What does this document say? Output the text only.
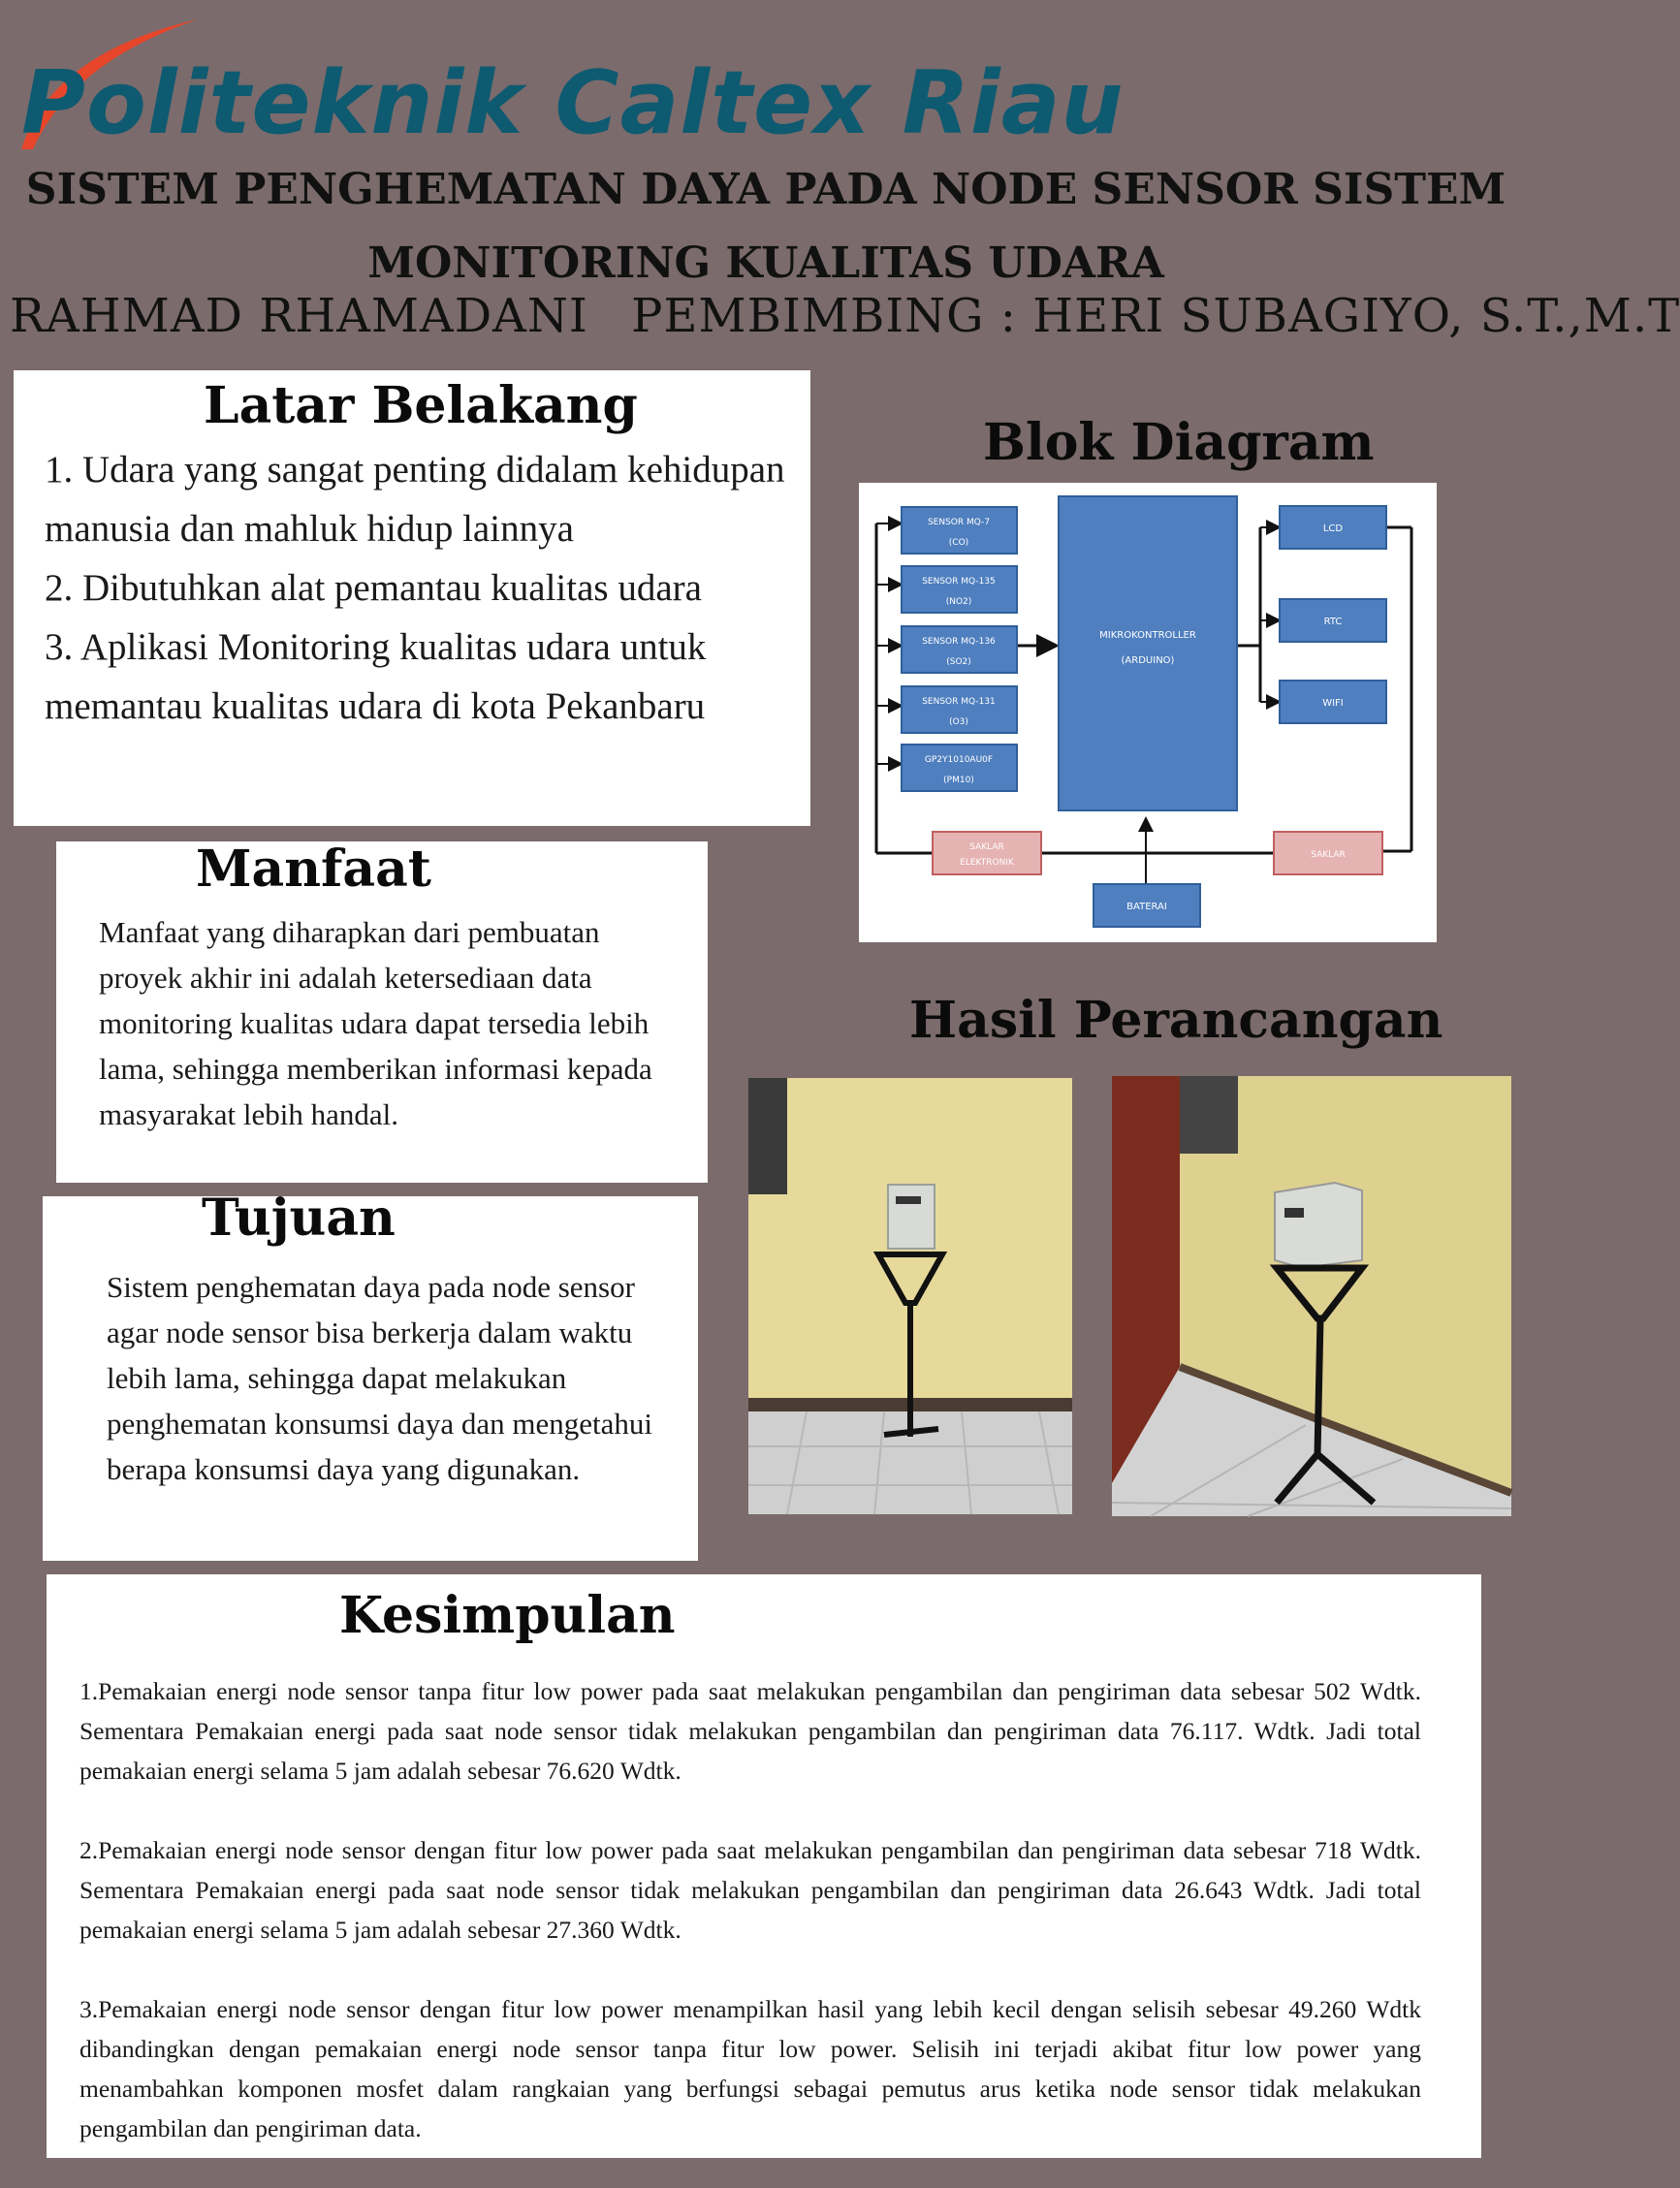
Politeknik Caltex Riau
SISTEM PENGHEMATAN DAYA PADA NODE SENSOR SISTEM MONITORING KUALITAS UDARA
RAHMAD RHAMADANI PEMBIMBING : HERI SUBAGIYO, S.T.,M.T
Latar Belakang
1. Udara yang sangat penting didalam kehidupan manusia dan mahluk hidup lainnya
2. Dibutuhkan alat pemantau kualitas udara
3. Aplikasi Monitoring kualitas udara untuk memantau kualitas udara di kota Pekanbaru
Manfaat
Manfaat yang diharapkan dari pembuatan proyek akhir ini adalah ketersediaan data monitoring kualitas udara dapat tersedia lebih lama, sehingga memberikan informasi kepada masyarakat lebih handal.
Tujuan
Sistem penghematan daya pada node sensor agar node sensor bisa berkerja dalam waktu lebih lama, sehingga dapat melakukan penghematan konsumsi daya dan mengetahui berapa konsumsi daya yang digunakan.
Blok Diagram
SENSOR MQ-7
(CO)
SENSOR MQ-135
(NO2)
SENSOR MQ-136
(SO2)
SENSOR MQ-131
(O3)
GP2Y1010AU0F
(PM10)
MIKROKONTROLLER
(ARDUINO)
LCD
RTC
WIFI
SAKLAR
ELEKTRONIK
SAKLAR
BATERAI
Hasil Perancangan
Kesimpulan

1.Pemakaian energi node sensor tanpa fitur low power pada saat melakukan pengambilan dan pengiriman data sebesar 502 Wdtk. Sementara Pemakaian energi pada saat node sensor tidak melakukan pengambilan dan pengiriman data 76.117. Wdtk. Jadi total pemakaian energi selama 5 jam adalah sebesar 76.620 Wdtk.

2.Pemakaian energi node sensor dengan fitur low power pada saat melakukan pengambilan dan pengiriman data sebesar 718 Wdtk. Sementara Pemakaian energi pada saat node sensor tidak melakukan pengambilan dan pengiriman data 26.643 Wdtk. Jadi total pemakaian energi selama 5 jam adalah sebesar 27.360 Wdtk.

3.Pemakaian energi node sensor dengan fitur low power menampilkan hasil yang lebih kecil dengan selisih sebesar 49.260 Wdtk dibandingkan dengan pemakaian energi node sensor tanpa fitur low power. Selisih ini terjadi akibat fitur low power yang menambahkan komponen mosfet dalam rangkaian yang berfungsi sebagai pemutus arus ketika node sensor tidak melakukan pengambilan dan pengiriman data.
